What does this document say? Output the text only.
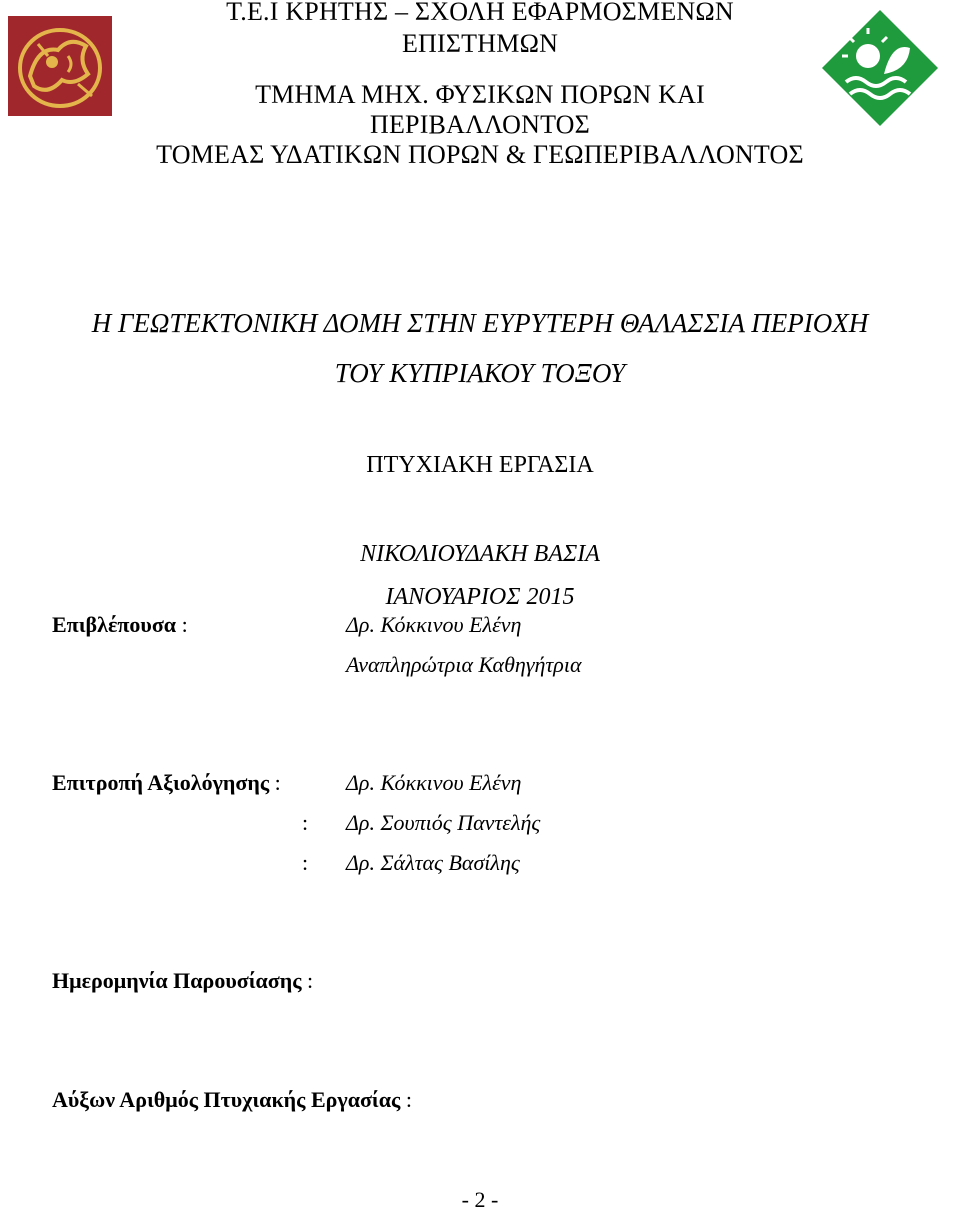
Τ.Ε.Ι ΚΡΗΤΗΣ – ΣΧΟΛΗ ΕΦΑΡΜΟΣΜΕΝΩΝ
ΕΠΙΣΤΗΜΩΝ
ΤΜΗΜΑ ΜΗΧ. ΦΥΣΙΚΩΝ ΠΟΡΩΝ ΚΑΙ
ΠΕΡΙΒΑΛΛΟΝΤΟΣ
ΤΟΜΕΑΣ ΥΔΑΤΙΚΩΝ ΠΟΡΩΝ & ΓΕΩΠΕΡΙΒΑΛΛΟΝΤΟΣ
Η ΓΕΩΤΕΚΤΟΝΙΚΗ ΔΟΜΗ ΣΤΗΝ ΕΥΡΥΤΕΡΗ ΘΑΛΑΣΣΙΑ ΠΕΡΙΟΧΗ
ΤΟΥ ΚΥΠΡΙΑΚΟΥ ΤΟΞΟΥ
ΠΤΥΧΙΑΚΗ ΕΡΓΑΣΙΑ
ΝΙΚΟΛΙΟΥΔΑΚΗ ΒΑΣΙΑ
ΙΑΝΟΥΑΡΙΟΣ 2015
Επιβλέπουσα :	Δρ. Κόκκινου Ελένη
Αναπληρώτρια Καθηγήτρια
Επιτροπή Αξιολόγησης :	Δρ. Κόκκινου Ελένη
: Δρ. Σουπιός Παντελής
: Δρ. Σάλτας Βασίλης
Ημερομηνία Παρουσίασης :
Αύξων Αριθμός Πτυχιακής Εργασίας :
- 2 -
